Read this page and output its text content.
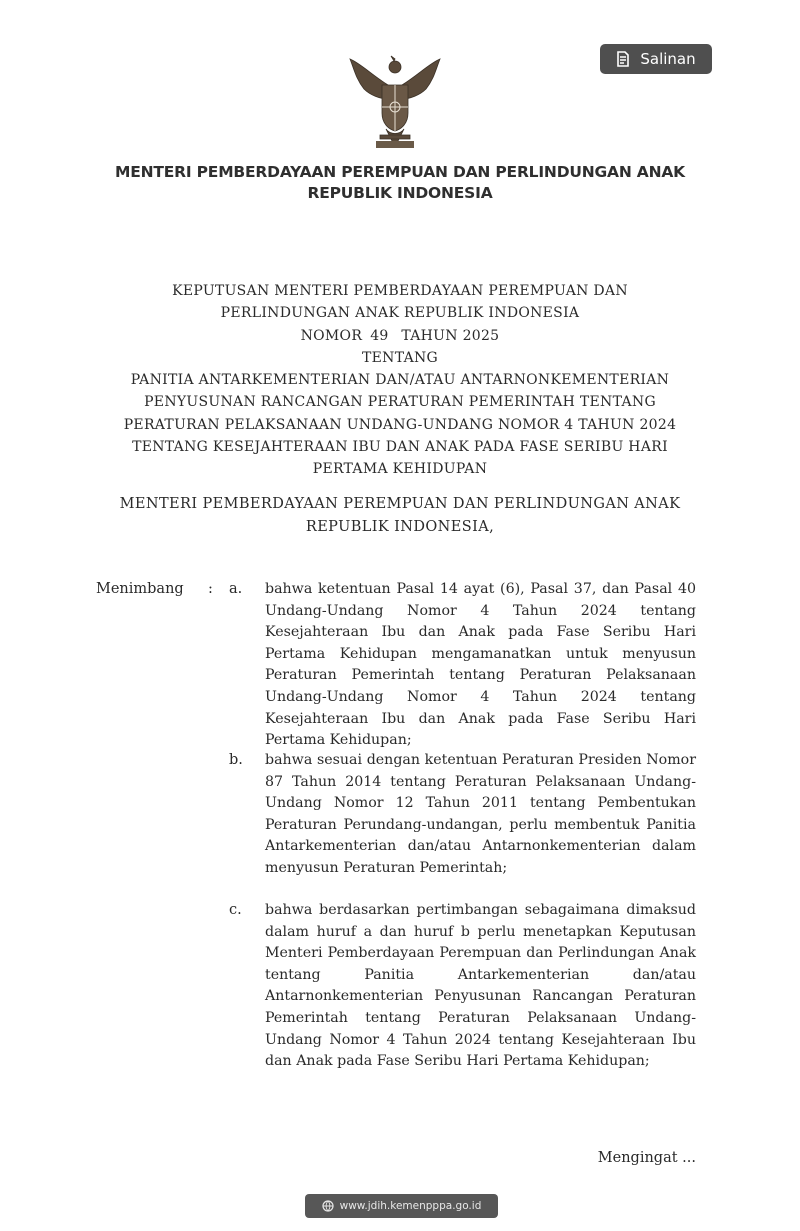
Salinan
MENTERI PEMBERDAYAAN PEREMPUAN DAN PERLINDUNGAN ANAK
REPUBLIK INDONESIA
KEPUTUSAN MENTERI PEMBERDAYAAN PEREMPUAN DAN
PERLINDUNGAN ANAK REPUBLIK INDONESIA
NOMOR 49 TAHUN 2025
TENTANG
PANITIA ANTARKEMENTERIAN DAN/ATAU ANTARNONKEMENTERIAN
PENYUSUNAN RANCANGAN PERATURAN PEMERINTAH TENTANG
PERATURAN PELAKSANAAN UNDANG-UNDANG NOMOR 4 TAHUN 2024
TENTANG KESEJAHTERAAN IBU DAN ANAK PADA FASE SERIBU HARI
PERTAMA KEHIDUPAN
MENTERI PEMBERDAYAAN PEREMPUAN DAN PERLINDUNGAN ANAK
REPUBLIK INDONESIA,
Menimbang : a. bahwa ketentuan Pasal 14 ayat (6), Pasal 37, dan Pasal 40 Undang-Undang Nomor 4 Tahun 2024 tentang Kesejahteraan Ibu dan Anak pada Fase Seribu Hari Pertama Kehidupan mengamanatkan untuk menyusun Peraturan Pemerintah tentang Peraturan Pelaksanaan Undang-Undang Nomor 4 Tahun 2024 tentang Kesejahteraan Ibu dan Anak pada Fase Seribu Hari Pertama Kehidupan;
b. bahwa sesuai dengan ketentuan Peraturan Presiden Nomor 87 Tahun 2014 tentang Peraturan Pelaksanaan Undang-Undang Nomor 12 Tahun 2011 tentang Pembentukan Peraturan Perundang-undangan, perlu membentuk Panitia Antarkementerian dan/atau Antarnonkementerian dalam menyusun Peraturan Pemerintah;
c. bahwa berdasarkan pertimbangan sebagaimana dimaksud dalam huruf a dan huruf b perlu menetapkan Keputusan Menteri Pemberdayaan Perempuan dan Perlindungan Anak tentang Panitia Antarkementerian dan/atau Antarnonkementerian Penyusunan Rancangan Peraturan Pemerintah tentang Peraturan Pelaksanaan Undang-Undang Nomor 4 Tahun 2024 tentang Kesejahteraan Ibu dan Anak pada Fase Seribu Hari Pertama Kehidupan;
Mengingat ...
www.jdih.kemenpppa.go.id
